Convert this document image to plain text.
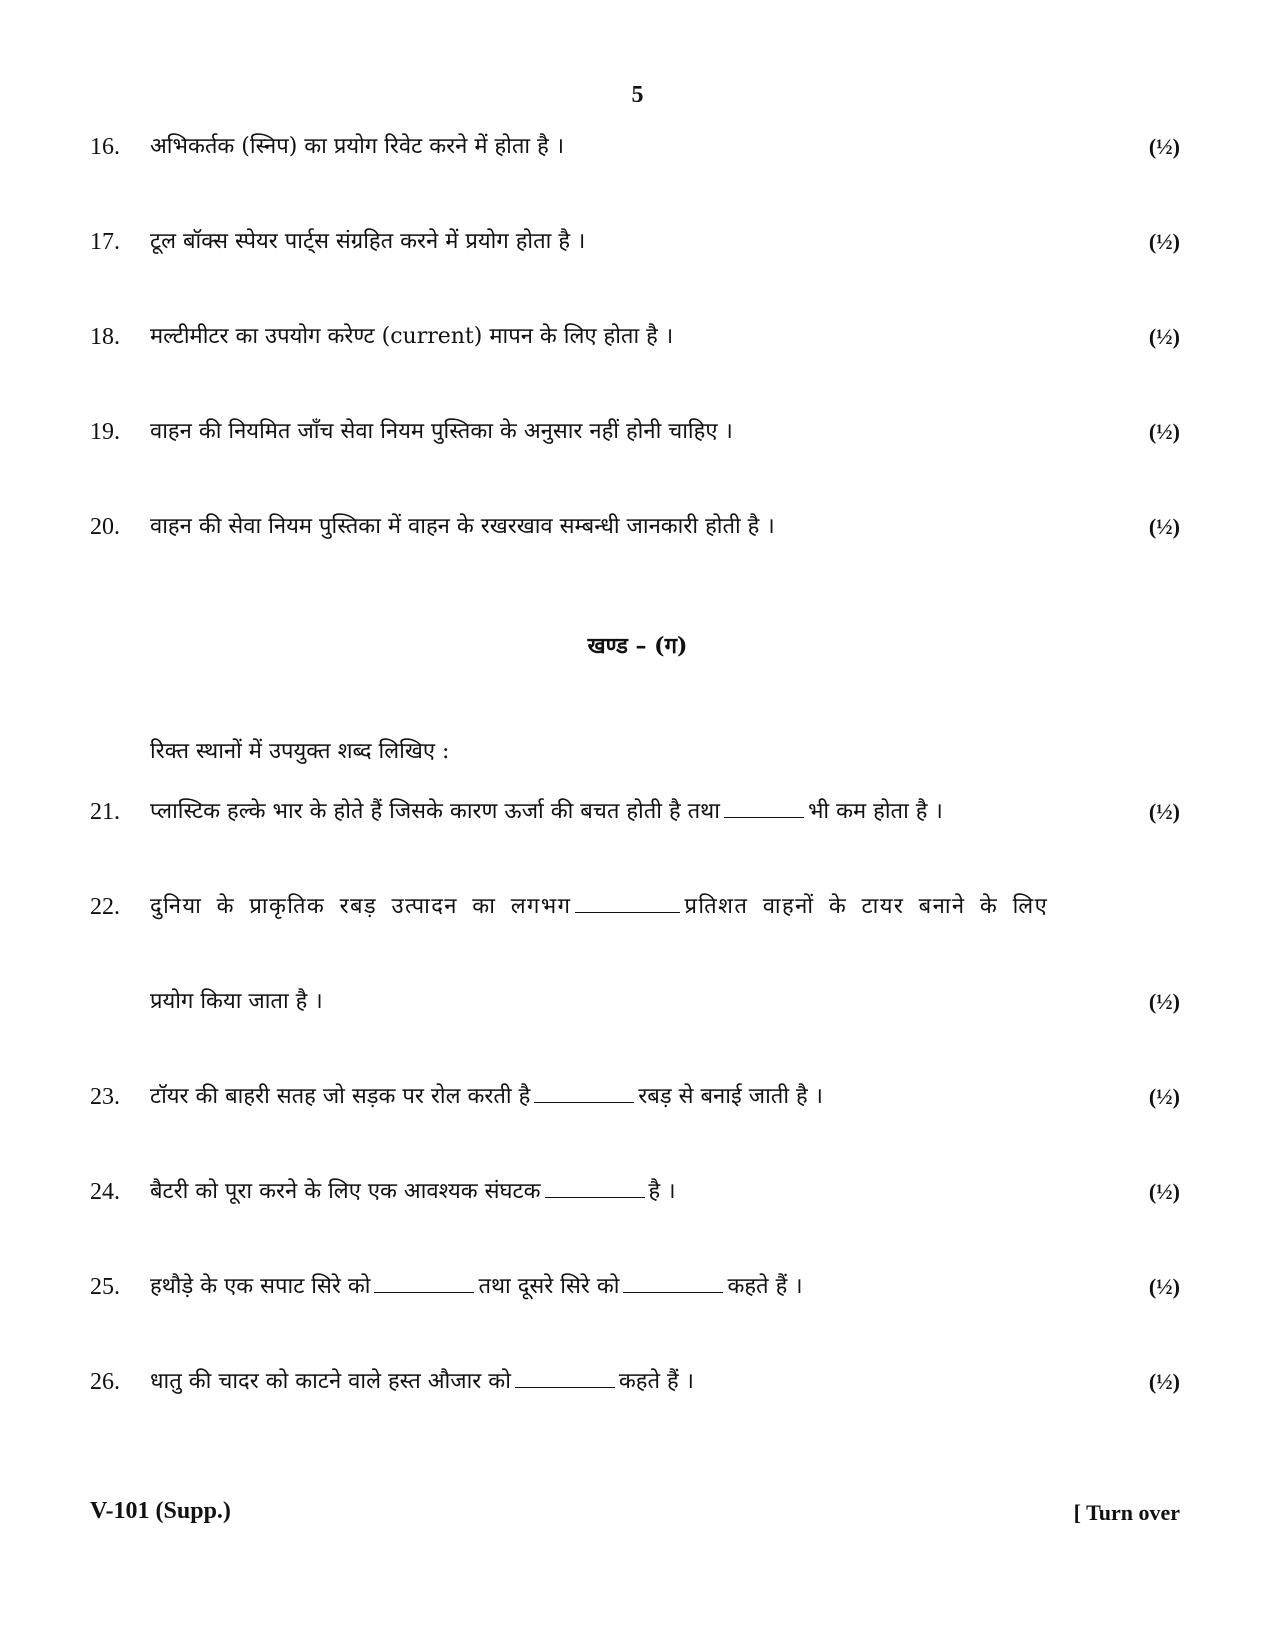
5
16.	अभिकर्तक (स्निप) का प्रयोग रिवेट करने में होता है ।	(½)
17.	टूल बॉक्स स्पेयर पार्ट्स संग्रहित करने में प्रयोग होता है ।	(½)
18.	मल्टीमीटर का उपयोग करेण्ट (current) मापन के लिए होता है ।	(½)
19.	वाहन की नियमित जाँच सेवा नियम पुस्तिका के अनुसार नहीं होनी चाहिए ।	(½)
20.	वाहन की सेवा नियम पुस्तिका में वाहन के रखरखाव सम्बन्धी जानकारी होती है ।	(½)
खण्ड – (ग)
रिक्त स्थानों में उपयुक्त शब्द लिखिए :
21.	प्लास्टिक हल्के भार के होते हैं जिसके कारण ऊर्जा की बचत होती है तथा	भी कम होता है ।	(½)
22.	दुनिया के प्राकृतिक रबड़ उत्पादन का लगभग	प्रतिशत वाहनों के टायर बनाने के लिए
प्रयोग किया जाता है ।	(½)
23.	टॉयर की बाहरी सतह जो सड़क पर रोल करती है	रबड़ से बनाई जाती है ।	(½)
24.	बैटरी को पूरा करने के लिए एक आवश्यक संघटक	है ।	(½)
25.	हथौड़े के एक सपाट सिरे को	तथा दूसरे सिरे को	कहते हैं ।	(½)
26.	धातु की चादर को काटने वाले हस्त औजार को	कहते हैं ।	(½)
V-101 (Supp.)	[ Turn over
